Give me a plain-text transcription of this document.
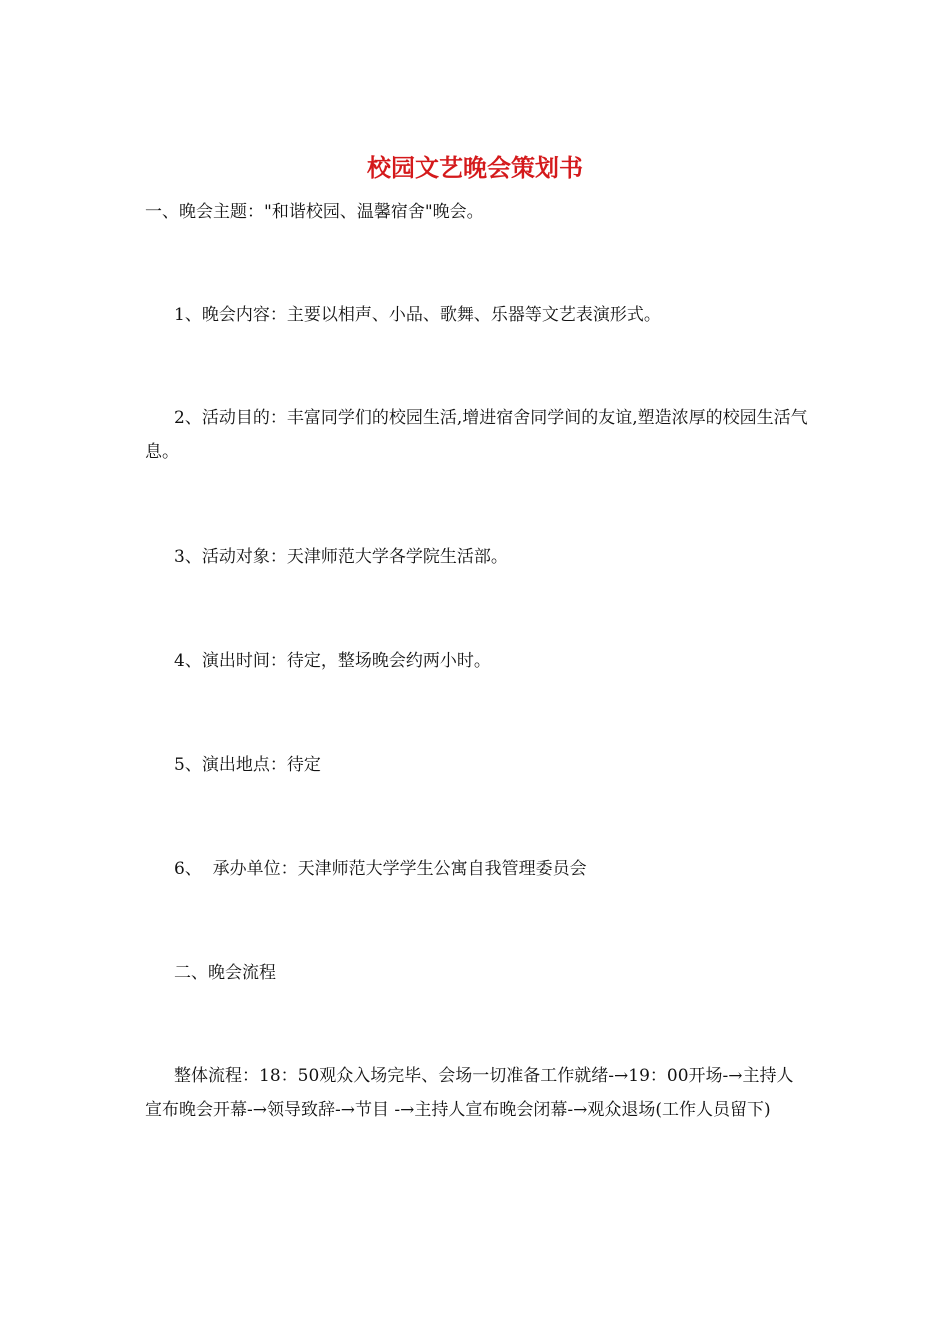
校园文艺晚会策划书
一、晚会主题："和谐校园、温馨宿舍"晚会。
1、晚会内容：主要以相声、小品、歌舞、乐器等文艺表演形式。
2、活动目的：丰富同学们的校园生活,增进宿舍同学间的友谊,塑造浓厚的校园生活气息。
3、活动对象：天津师范大学各学院生活部。
4、演出时间：待定，整场晚会约两小时。
5、演出地点：待定
6、  承办单位：天津师范大学学生公寓自我管理委员会
二、晚会流程
整体流程：18：50观众入场完毕、会场一切准备工作就绪-→19：00开场-→主持人宣布晚会开幕-→领导致辞-→节目 -→主持人宣布晚会闭幕-→观众退场(工作人员留下)
